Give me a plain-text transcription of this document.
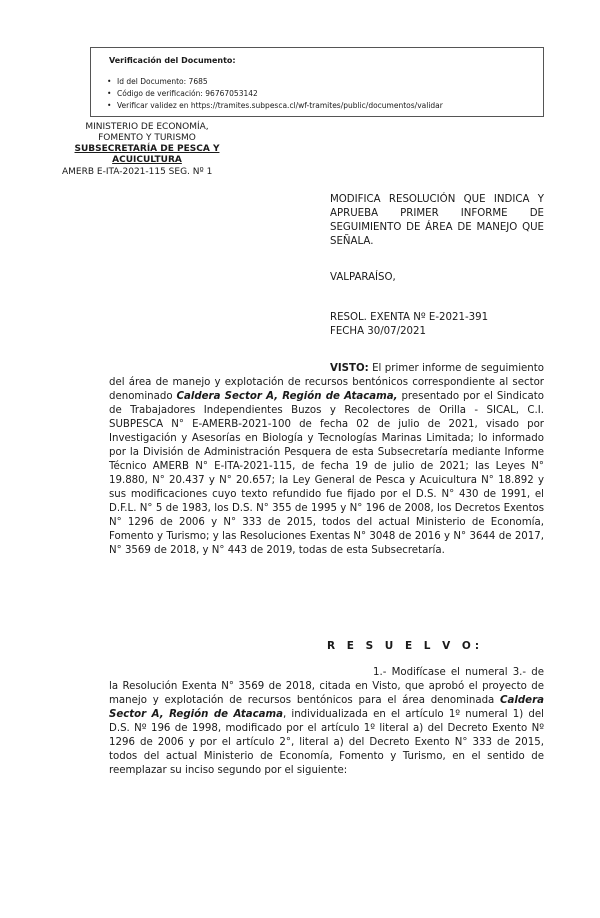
Verificación del Documento:
• Id del Documento: 7685
• Código de verificación: 96767053142
• Verificar validez en https://tramites.subpesca.cl/wf-tramites/public/documentos/validar
MINISTERIO DE ECONOMÍA,
FOMENTO Y TURISMO
SUBSECRETARÍA DE PESCA Y
ACUICULTURA
AMERB E-ITA-2021-115 SEG. Nº 1
MODIFICA RESOLUCIÓN QUE INDICA Y APRUEBA PRIMER INFORME DE SEGUIMIENTO DE ÁREA DE MANEJO QUE SEÑALA.
VALPARAÍSO,
RESOL. EXENTA Nº E-2021-391
FECHA 30/07/2021
VISTO: El primer informe de seguimiento del área de manejo y explotación de recursos bentónicos correspondiente al sector denominado Caldera Sector A, Región de Atacama, presentado por el Sindicato de Trabajadores Independientes Buzos y Recolectores de Orilla - SICAL, C.I. SUBPESCA N° E-AMERB-2021-100 de fecha 02 de julio de 2021, visado por Investigación y Asesorías en Biología y Tecnologías Marinas Limitada; lo informado por la División de Administración Pesquera de esta Subsecretaría mediante Informe Técnico AMERB N° E-ITA-2021-115, de fecha 19 de julio de 2021; las Leyes N° 19.880, N° 20.437 y N° 20.657; la Ley General de Pesca y Acuicultura N° 18.892 y sus modificaciones cuyo texto refundido fue fijado por el D.S. N° 430 de 1991, el D.F.L. N° 5 de 1983, los D.S. N° 355 de 1995 y N° 196 de 2008, los Decretos Exentos N° 1296 de 2006 y N° 333 de 2015, todos del actual Ministerio de Economía, Fomento y Turismo; y las Resoluciones Exentas N° 3048 de 2016 y N° 3644 de 2017, N° 3569 de 2018, y N° 443 de 2019, todas de esta Subsecretaría.
R E S U E L V O:
1.- Modifícase el numeral 3.- de la Resolución Exenta N° 3569 de 2018, citada en Visto, que aprobó el proyecto de manejo y explotación de recursos bentónicos para el área denominada Caldera Sector A, Región de Atacama, individualizada en el artículo 1º numeral 1) del D.S. Nº 196 de 1998, modificado por el artículo 1º literal a) del Decreto Exento Nº 1296 de 2006 y por el artículo 2°, literal a) del Decreto Exento N° 333 de 2015, todos del actual Ministerio de Economía, Fomento y Turismo, en el sentido de reemplazar su inciso segundo por el siguiente:
